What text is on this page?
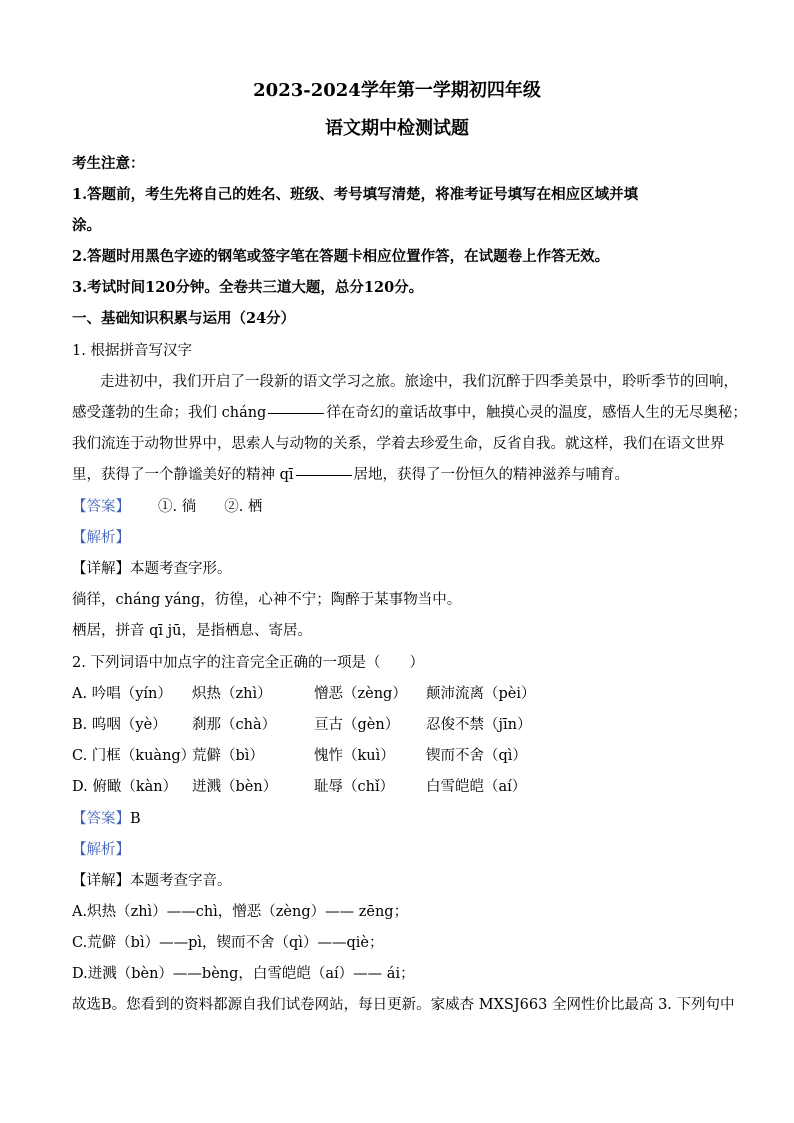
2023-2024学年第一学期初四年级
语文期中检测试题
考生注意：
1.答题前，考生先将自己的姓名、班级、考号填写清楚，将准考证号填写在相应区域并填
涂。
2.答题时用黑色字迹的钢笔或签字笔在答题卡相应位置作答，在试题卷上作答无效。
3.考试时间120分钟。全卷共三道大题，总分120分。
一、基础知识积累与运用（24分）
1. 根据拼音写汉字
走进初中，我们开启了一段新的语文学习之旅。旅途中，我们沉醉于四季美景中，聆听季节的回响，
感受蓬勃的生命；我们 cháng	徉在奇幻的童话故事中，触摸心灵的温度，感悟人生的无尽奥秘；
我们流连于动物世界中，思索人与动物的关系，学着去珍爱生命，反省自我。就这样，我们在语文世界
里，获得了一个静谧美好的精神 qī	居地，获得了一份恒久的精神滋养与哺育。
【答案】 ①. 徜 ②. 栖
【解析】
【详解】本题考查字形。
徜徉，cháng yáng，彷徨，心神不宁；陶醉于某事物当中。
栖居，拼音 qī jū，是指栖息、寄居。
2. 下列词语中加点字的注音完全正确的一项是（　　）
A. 吟唱（yín） 炽热（zhì）	憎恶（zèng） 颠沛流离（pèi）
B. 呜咽（yè） 刹那（chà）	亘古（gèn） 忍俊不禁（jīn）
C. 门框（kuàng）荒僻（bì）	愧怍（kuì） 锲而不舍（qì）
D. 俯瞰（kàn） 迸溅（bèn）	耻辱（chǐ） 白雪皑皑（aí）
【答案】B
【解析】
【详解】本题考查字音。
A.炽热（zhì）——chì，憎恶（zèng）—— zēng；
C.荒僻（bì）——pì，锲而不舍（qì）——qiè；
D.迸溅（bèn）——bèng，白雪皑皑（aí）—— ái；
故选B。您看到的资料都源自我们试卷网站，每日更新。家威杏 MXSJ663 全网性价比最高 3. 下列句中
